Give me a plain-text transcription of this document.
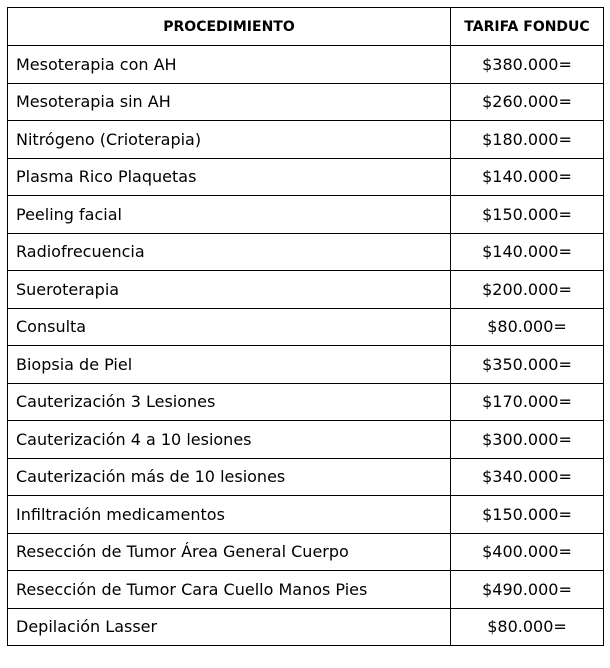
PROCEDIMIENTO	TARIFA FONDUC
Mesoterapia con AH	$380.000=
Mesoterapia sin AH	$260.000=
Nitrógeno (Crioterapia)	$180.000=
Plasma Rico Plaquetas	$140.000=
Peeling facial	$150.000=
Radiofrecuencia	$140.000=
Sueroterapia	$200.000=
Consulta	$80.000=
Biopsia de Piel	$350.000=
Cauterización 3 Lesiones	$170.000=
Cauterización 4 a 10 lesiones	$300.000=
Cauterización más de 10 lesiones	$340.000=
Infiltración medicamentos	$150.000=
Resección de Tumor Área General Cuerpo	$400.000=
Resección de Tumor Cara Cuello Manos Pies	$490.000=
Depilación Lasser	$80.000=
